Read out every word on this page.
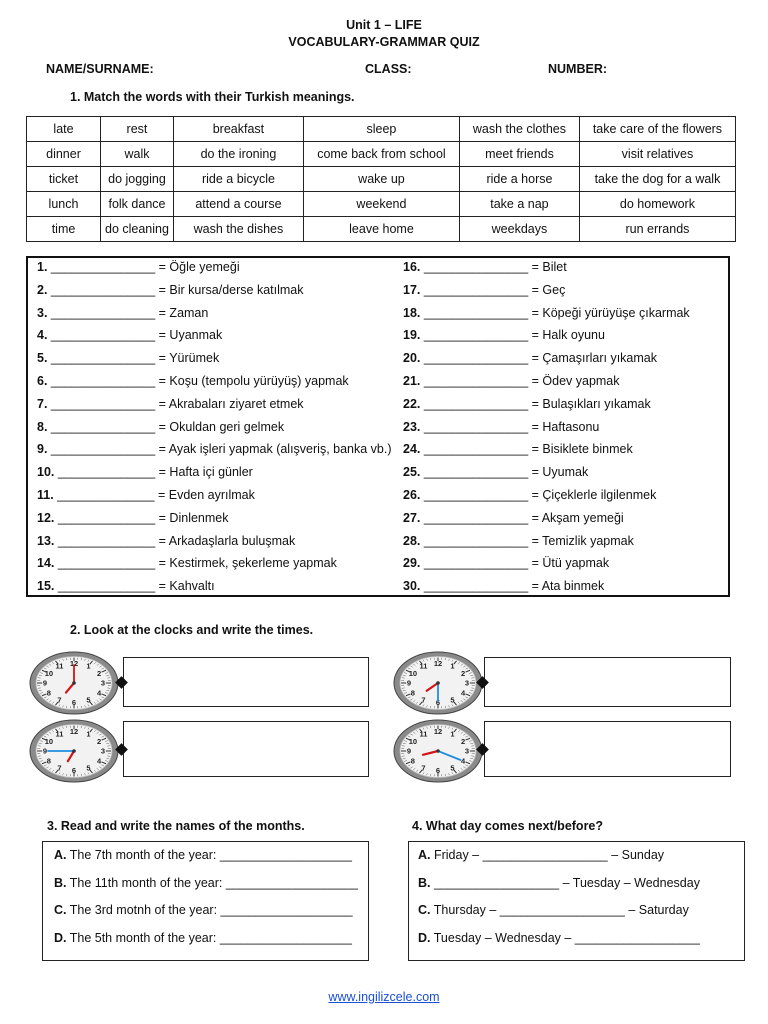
Unit 1 – LIFE
VOCABULARY-GRAMMAR QUIZ
NAME/SURNAME:	CLASS:	NUMBER:
1. Match the words with their Turkish meanings.
late	rest	breakfast	sleep	wash the clothes	take care of the flowers
dinner	walk	do the ironing	come back from school	meet friends	visit relatives
ticket	do jogging	ride a bicycle	wake up	ride a horse	take the dog for a walk
lunch	folk dance	attend a course	weekend	take a nap	do homework
time	do cleaning	wash the dishes	leave home	weekdays	run errands
1. _______________ = Öğle yemeği
2. _______________ = Bir kursa/derse katılmak
3. _______________ = Zaman
4. _______________ = Uyanmak
5. _______________ = Yürümek
6. _______________ = Koşu (tempolu yürüyüş) yapmak
7. _______________ = Akrabaları ziyaret etmek
8. _______________ = Okuldan geri gelmek
9. _______________ = Ayak işleri yapmak (alışveriş, banka vb.)
10. ______________ = Hafta içi günler
11. ______________ = Evden ayrılmak
12. ______________ = Dinlenmek
13. ______________ = Arkadaşlarla buluşmak
14. ______________ = Kestirmek, şekerleme yapmak
15. ______________ = Kahvaltı
16. _______________ = Bilet
17. _______________ = Geç
18. _______________ = Köpeği yürüyüşe çıkarmak
19. _______________ = Halk oyunu
20. _______________ = Çamaşırları yıkamak
21. _______________ = Ödev yapmak
22. _______________ = Bulaşıkları yıkamak
23. _______________ = Haftasonu
24. _______________ = Bisiklete binmek
25. _______________ = Uyumak
26. _______________ = Çiçeklerle ilgilenmek
27. _______________ = Akşam yemeği
28. _______________ = Temizlik yapmak
29. _______________ = Ütü yapmak
30. _______________ = Ata binmek
2. Look at the clocks and write the times.
12 1
2
3
4
5
6
7
8
9
10
11	12 1
2
3
4
5
6
7
8
9
10
11
12 1
2
3
4
5
6
7
8
9
10
11	12 1
2
3
4
5
6
7
8
9
10
11
3. Read and write the names of the months.
A. The 7th month of the year: ___________________
B. The 11th month of the year: ___________________
C. The 3rd motnh of the year: ___________________
D. The 5th month of the year: ___________________
4. What day comes next/before?
A. Friday – __________________ – Sunday
B. __________________ – Tuesday – Wednesday
C. Thursday – __________________ – Saturday
D. Tuesday – Wednesday – __________________
www.ingilizcele.com
